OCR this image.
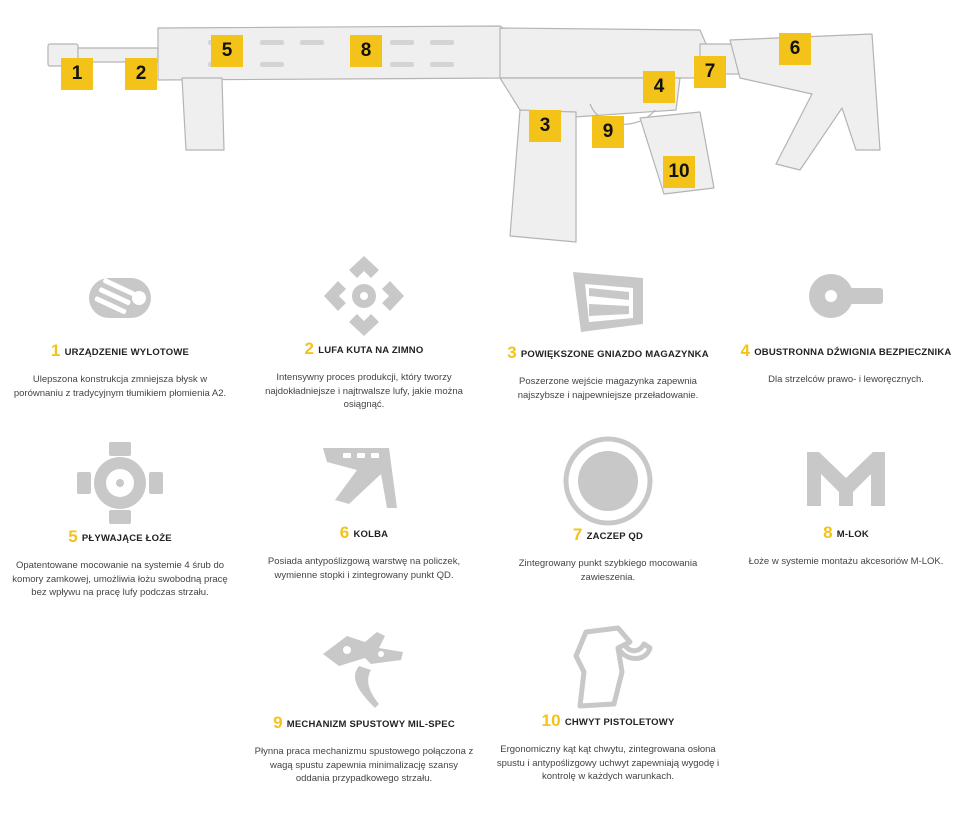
1	2
5	8	6
4
7
3	9
10
1 URZĄDZENIE WYLOTOWE
Ulepszona konstrukcja zmniejsza błysk w porównaniu z tradycyjnym tłumikiem płomienia A2.
2 LUFA KUTA NA ZIMNO
Intensywny proces produkcji, który tworzy najdokładniejsze i najtrwalsze lufy, jakie można osiągnąć.
3 POWIĘKSZONE GNIAZDO MAGAZYNKA
Poszerzone wejście magazynka zapewnia najszybsze i najpewniejsze przeładowanie.
4 OBUSTRONNA DŹWIGNIA BEZPIECZNIKA
Dla strzelców prawo- i leworęcznych.
5 PŁYWAJĄCE ŁOŻE
Opatentowane mocowanie na systemie 4 śrub do komory zamkowej, umożliwia łożu swobodną pracę bez wpływu na pracę lufy podczas strzału.
6 KOLBA
Posiada antypoślizgową warstwę na policzek, wymienne stopki i zintegrowany punkt QD.
7 ZACZEP QD
Zintegrowany punkt szybkiego mocowania zawieszenia.
8 M-LOK
Łoże w systemie montażu akcesoriów M-LOK.
9 MECHANIZM SPUSTOWY MIL-SPEC
Płynna praca mechanizmu spustowego połączona z wagą spustu zapewnia minimalizację szansy oddania przypadkowego strzału.
10 CHWYT PISTOLETOWY
Ergonomiczny kąt kąt chwytu, zintegrowana osłona spustu i antypoślizgowy uchwyt zapewniają wygodę i kontrolę w każdych warunkach.
